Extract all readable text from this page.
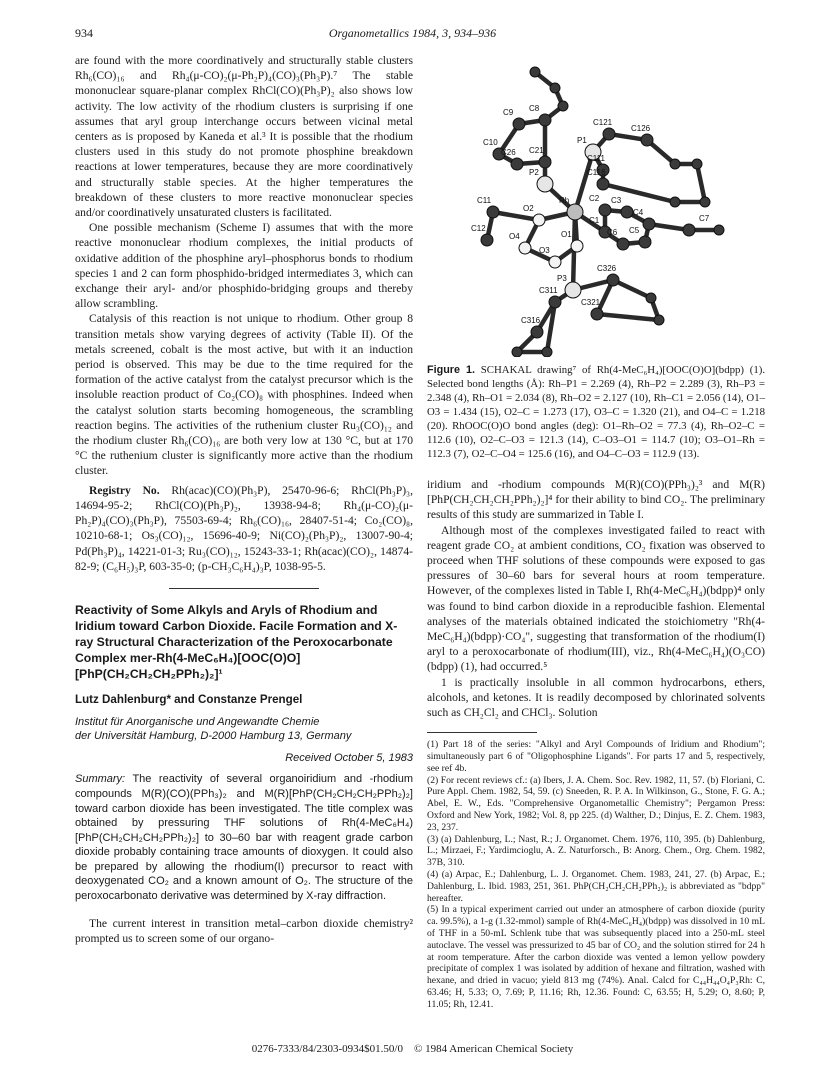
934	Organometallics 1984, 3, 934–936

are found with the more coordinatively and structurally stable clusters Rh₆(CO)₁₆ and Rh₄(μ-CO)₂(μ-Ph₂P)₄(CO)₃(Ph₃P).⁷ The stable mononuclear square-planar complex RhCl(CO)(Ph₃P)₂ also shows low activity. The low activity of the rhodium clusters is surprising if one assumes that aryl group interchange occurs between vicinal metal centers as is proposed by Kaneda et al.³ It is possible that the rhodium clusters used in this study do not promote phosphine breakdown reactions at lower temperatures, because they are more coordinatively and structurally stable species. At the higher temperatures the breakdown of these clusters to more reactive mononuclear species and/or coordinatively unsaturated clusters is facilitated.

One possible mechanism (Scheme I) assumes that with the more reactive mononuclear rhodium complexes, the initial products of oxidative addition of the phosphine aryl–phosphorus bonds to rhodium species 1 and 2 can form phosphido-bridged intermediates 3, which can exchange their aryl- and/or phosphido-bridging groups and thereby allow scrambling.

Catalysis of this reaction is not unique to rhodium. Other group 8 transition metals show varying degrees of activity (Table II). Of the metals screened, cobalt is the most active, but with it an induction period is observed. This may be due to the time required for the formation of the active catalyst from the catalyst precursor which is the insoluble reaction product of Co₂(CO)₈ with phosphines. Indeed when the catalyst solution starts becoming homogeneous, the scrambling reaction begins. The activities of the ruthenium cluster Ru₃(CO)₁₂ and the rhodium cluster Rh₆(CO)₁₆ are both very low at 130 °C, but at 170 °C the ruthenium cluster is significantly more active than the rhodium cluster.

Registry No. Rh(acac)(CO)(Ph₃P), 25470-96-6; RhCl(Ph₃P)₃, 14694-95-2; RhCl(CO)(Ph₃P)₂, 13938-94-8; Rh₄(μ-CO)₂(μ-Ph₂P)₄(CO)₃(Ph₃P), 75503-69-4; Rh₆(CO)₁₆, 28407-51-4; Co₂(CO)₈, 10210-68-1; Os₃(CO)₁₂, 15696-40-9; Ni(CO)₂(Ph₃P)₂, 13007-90-4; Pd(Ph₃P)₄, 14221-01-3; Ru₃(CO)₁₂, 15243-33-1; Rh(acac)(CO)₂, 14874-82-9; (C₆H₅)₃P, 603-35-0; (p-CH₃C₆H₄)₃P, 1038-95-5.

Reactivity of Some Alkyls and Aryls of Rhodium and Iridium toward Carbon Dioxide. Facile Formation and X-ray Structural Characterization of the Peroxocarbonate Complex mer-Rh(4-MeC₆H₄)[OOC(O)O][PhP(CH₂CH₂CH₂PPh₂)₂]¹
Lutz Dahlenburg* and Constanze Prengel
Institut für Anorganische und Angewandte Chemie
der Universität Hamburg, D-2000 Hamburg 13, Germany
Received October 5, 1983
Summary: The reactivity of several organoiridium and -rhodium compounds M(R)(CO)(PPh₃)₂ and M(R)[PhP(CH₂CH₂CH₂PPh₂)₂] toward carbon dioxide has been investigated. The title complex was obtained by pressuring THF solutions of Rh(4-MeC₆H₄)[PhP(CH₂CH₂CH₂PPh₂)₂] to 30–60 bar with reagent grade carbon dioxide probably containing trace amounts of dioxygen. It could also be prepared by allowing the rhodium(I) precursor to react with deoxygenated CO₂ and a known amount of O₂. The structure of the peroxocarbonato derivative was determined by X-ray diffraction.

The current interest in transition metal–carbon dioxide chemistry² prompted us to screen some of our organo-

C9 C8
C121
C126
P1
C111
C10
C26 C21
C116
P2
Rh C2 C3
C4
C7
C11
O2
C1
C6 C5
C12
O1
O4
O3
C326
P3
C311
C321
C316
Figure 1. SCHAKAL drawing⁷ of Rh(4-MeC₆H₄)[OOC(O)O](bdpp) (1). Selected bond lengths (Å): Rh–P1 = 2.269 (4), Rh–P2 = 2.289 (3), Rh–P3 = 2.348 (4), Rh–O1 = 2.034 (8), Rh–O2 = 2.127 (10), Rh–C1 = 2.056 (14), O1–O3 = 1.434 (15), O2–C = 1.273 (17), O3–C = 1.320 (21), and O4–C = 1.218 (20). RhOOC(O)O bond angles (deg): O1–Rh–O2 = 77.3 (4), Rh–O2–C = 112.6 (10), O2–C–O3 = 121.3 (14), C–O3–O1 = 114.7 (10); O3–O1–Rh = 112.3 (7), O2–C–O4 = 125.6 (16), and O4–C–O3 = 112.9 (13).

iridium and -rhodium compounds M(R)(CO)(PPh₃)₂³ and M(R)[PhP(CH₂CH₂CH₂PPh₂)₂]⁴ for their ability to bind CO₂. The preliminary results of this study are summarized in Table I.

Although most of the complexes investigated failed to react with reagent grade CO₂ at ambient conditions, CO₂ fixation was observed to proceed when THF solutions of these compounds were exposed to gas pressures of 30–60 bars for several hours at room temperature. However, of the complexes listed in Table I, Rh(4-MeC₆H₄)(bdpp)⁴ only was found to bind carbon dioxide in a reproducible fashion. Elemental analyses of the materials obtained indicated the stoichiometry "Rh(4-MeC₆H₄)(bdpp)·CO₄", suggesting that transformation of the rhodium(I) aryl to a peroxocarbonate of rhodium(III), viz., Rh(4-MeC₆H₄)(O₃CO)(bdpp) (1), had occurred.⁵

1 is practically insoluble in all common hydrocarbons, ethers, alcohols, and ketones. It is readily decomposed by chlorinated solvents such as CH₂Cl₂ and CHCl₃. Solution

(1) Part 18 of the series: "Alkyl and Aryl Compounds of Iridium and Rhodium"; simultaneously part 6 of "Oligophosphine Ligands". For parts 17 and 5, respectively, see ref 4b.

(2) For recent reviews cf.: (a) Ibers, J. A. Chem. Soc. Rev. 1982, 11, 57. (b) Floriani, C. Pure Appl. Chem. 1982, 54, 59. (c) Sneeden, R. P. A. In Wilkinson, G., Stone, F. G. A.; Abel, E. W., Eds. "Comprehensive Organometallic Chemistry"; Pergamon Press: Oxford and New York, 1982; Vol. 8, pp 225. (d) Walther, D.; Dinjus, E. Z. Chem. 1983, 23, 237.

(3) (a) Dahlenburg, L.; Nast, R.; J. Organomet. Chem. 1976, 110, 395. (b) Dahlenburg, L.; Mirzaei, F.; Yardimcioglu, A. Z. Naturforsch., B: Anorg. Chem., Org. Chem. 1982, 37B, 310.

(4) (a) Arpac, E.; Dahlenburg, L. J. Organomet. Chem. 1983, 241, 27. (b) Arpac, E.; Dahlenburg, L. Ibid. 1983, 251, 361. PhP(CH₂CH₂CH₂PPh₂)₂ is abbreviated as "bdpp" hereafter.

(5) In a typical experiment carried out under an atmosphere of carbon dioxide (purity ca. 99.5%), a 1-g (1.32-mmol) sample of Rh(4-MeC₆H₄)(bdpp) was dissolved in 10 mL of THF in a 50-mL Schlenk tube that was subsequently placed into a 250-mL steel autoclave. The vessel was pressurized to 45 bar of CO₂ and the solution stirred for 24 h at room temperature. After the carbon dioxide was vented a lemon yellow powdery precipitate of complex 1 was isolated by addition of hexane and filtration, washed with hexane, and dried in vacuo; yield 813 mg (74%). Anal. Calcd for C₄₄H₄₄O₄P₃Rh: C, 63.46; H, 5.33; O, 7.69; P, 11.16; Rh, 12.36. Found: C, 63.55; H, 5.29; O, 8.60; P, 11.05; Rh, 12.41.

0276-7333/84/2303-0934$01.50/0 © 1984 American Chemical Society
